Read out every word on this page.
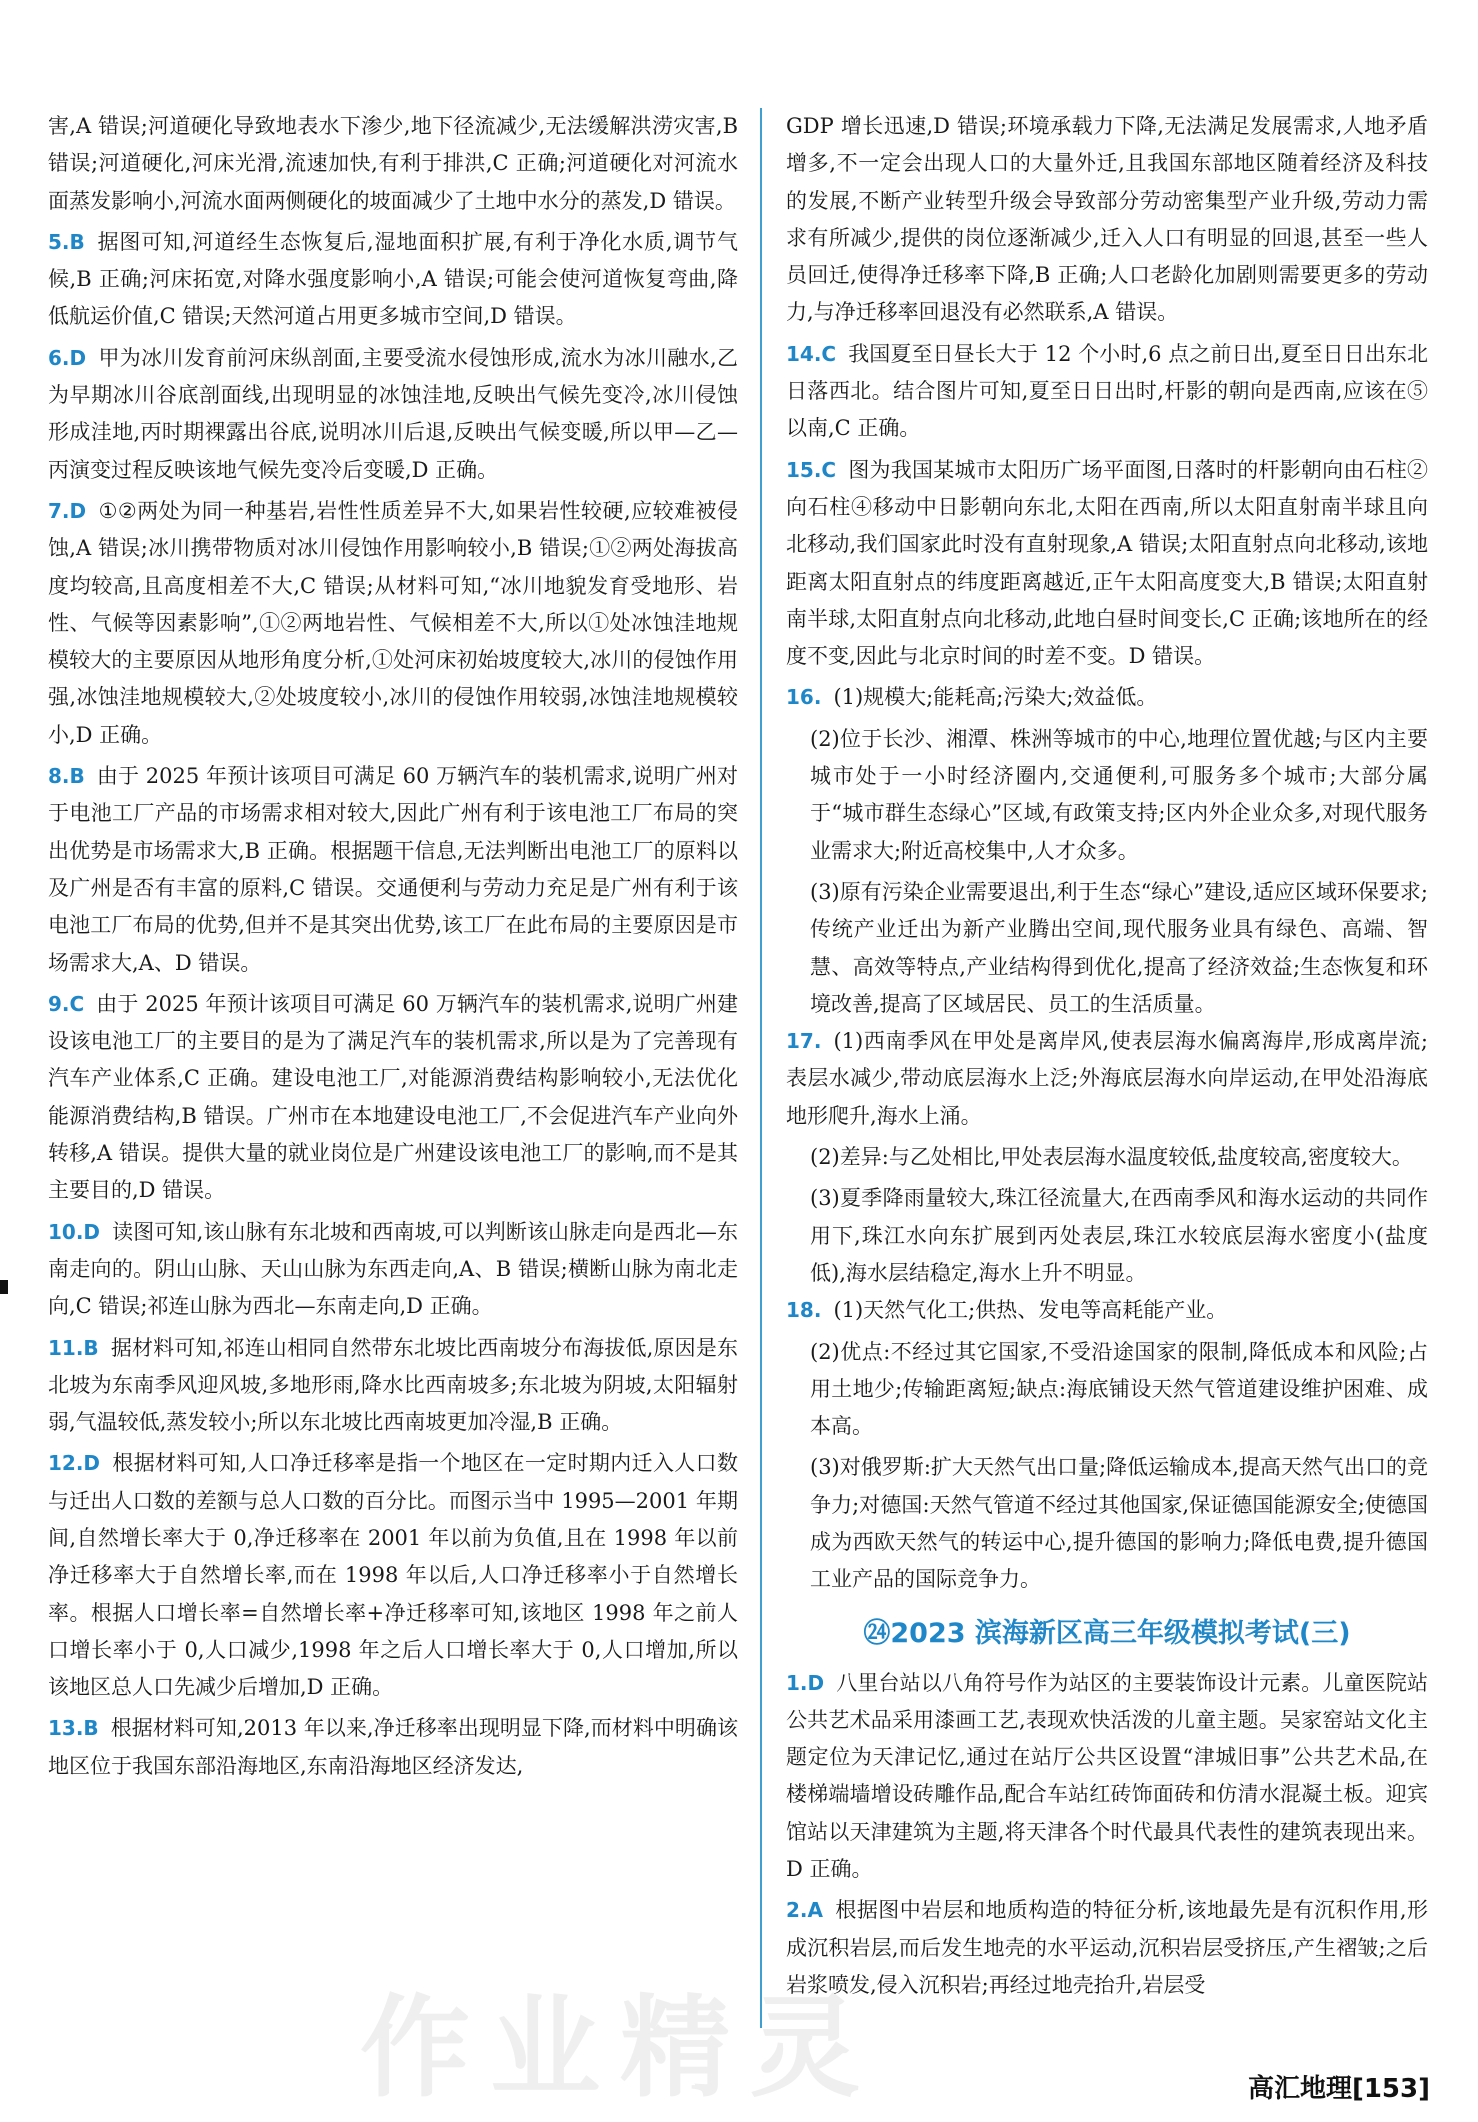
害,A 错误;河道硬化导致地表水下渗少,地下径流减少,无法缓解洪涝灾害,B 错误;河道硬化,河床光滑,流速加快,有利于排洪,C 正确;河道硬化对河流水面蒸发影响小,河流水面两侧硬化的坡面减少了土地中水分的蒸发,D 错误。
5.B 据图可知,河道经生态恢复后,湿地面积扩展,有利于净化水质,调节气候,B 正确;河床拓宽,对降水强度影响小,A 错误;可能会使河道恢复弯曲,降低航运价值,C 错误;天然河道占用更多城市空间,D 错误。
6.D 甲为冰川发育前河床纵剖面,主要受流水侵蚀形成,流水为冰川融水,乙为早期冰川谷底剖面线,出现明显的冰蚀洼地,反映出气候先变冷,冰川侵蚀形成洼地,丙时期裸露出谷底,说明冰川后退,反映出气候变暖,所以甲—乙—丙演变过程反映该地气候先变冷后变暖,D 正确。
7.D ①②两处为同一种基岩,岩性性质差异不大,如果岩性较硬,应较难被侵蚀,A 错误;冰川携带物质对冰川侵蚀作用影响较小,B 错误;①②两处海拔高度均较高,且高度相差不大,C 错误;从材料可知,“冰川地貌发育受地形、岩性、气候等因素影响”,①②两地岩性、气候相差不大,所以①处冰蚀洼地规模较大的主要原因从地形角度分析,①处河床初始坡度较大,冰川的侵蚀作用强,冰蚀洼地规模较大,②处坡度较小,冰川的侵蚀作用较弱,冰蚀洼地规模较小,D 正确。
8.B 由于 2025 年预计该项目可满足 60 万辆汽车的装机需求,说明广州对于电池工厂产品的市场需求相对较大,因此广州有利于该电池工厂布局的突出优势是市场需求大,B 正确。根据题干信息,无法判断出电池工厂的原料以及广州是否有丰富的原料,C 错误。交通便利与劳动力充足是广州有利于该电池工厂布局的优势,但并不是其突出优势,该工厂在此布局的主要原因是市场需求大,A、D 错误。
9.C 由于 2025 年预计该项目可满足 60 万辆汽车的装机需求,说明广州建设该电池工厂的主要目的是为了满足汽车的装机需求,所以是为了完善现有汽车产业体系,C 正确。建设电池工厂,对能源消费结构影响较小,无法优化能源消费结构,B 错误。广州市在本地建设电池工厂,不会促进汽车产业向外转移,A 错误。提供大量的就业岗位是广州建设该电池工厂的影响,而不是其主要目的,D 错误。
10.D 读图可知,该山脉有东北坡和西南坡,可以判断该山脉走向是西北—东南走向的。阴山山脉、天山山脉为东西走向,A、B 错误;横断山脉为南北走向,C 错误;祁连山脉为西北—东南走向,D 正确。
11.B 据材料可知,祁连山相同自然带东北坡比西南坡分布海拔低,原因是东北坡为东南季风迎风坡,多地形雨,降水比西南坡多;东北坡为阴坡,太阳辐射弱,气温较低,蒸发较小;所以东北坡比西南坡更加冷湿,B 正确。
12.D 根据材料可知,人口净迁移率是指一个地区在一定时期内迁入人口数与迁出人口数的差额与总人口数的百分比。而图示当中 1995—2001 年期间,自然增长率大于 0,净迁移率在 2001 年以前为负值,且在 1998 年以前净迁移率大于自然增长率,而在 1998 年以后,人口净迁移率小于自然增长率。根据人口增长率=自然增长率+净迁移率可知,该地区 1998 年之前人口增长率小于 0,人口减少,1998 年之后人口增长率大于 0,人口增加,所以该地区总人口先减少后增加,D 正确。
13.B 根据材料可知,2013 年以来,净迁移率出现明显下降,而材料中明确该地区位于我国东部沿海地区,东南沿海地区经济发达,
GDP 增长迅速,D 错误;环境承载力下降,无法满足发展需求,人地矛盾增多,不一定会出现人口的大量外迁,且我国东部地区随着经济及科技的发展,不断产业转型升级会导致部分劳动密集型产业升级,劳动力需求有所减少,提供的岗位逐渐减少,迁入人口有明显的回退,甚至一些人员回迁,使得净迁移率下降,B 正确;人口老龄化加剧则需要更多的劳动力,与净迁移率回退没有必然联系,A 错误。
14.C 我国夏至日昼长大于 12 个小时,6 点之前日出,夏至日日出东北日落西北。结合图片可知,夏至日日出时,杆影的朝向是西南,应该在⑤以南,C 正确。
15.C 图为我国某城市太阳历广场平面图,日落时的杆影朝向由石柱②向石柱④移动中日影朝向东北,太阳在西南,所以太阳直射南半球且向北移动,我们国家此时没有直射现象,A 错误;太阳直射点向北移动,该地距离太阳直射点的纬度距离越近,正午太阳高度变大,B 错误;太阳直射南半球,太阳直射点向北移动,此地白昼时间变长,C 正确;该地所在的经度不变,因此与北京时间的时差不变。D 错误。
16. (1)规模大;能耗高;污染大;效益低。
(2)位于长沙、湘潭、株洲等城市的中心,地理位置优越;与区内主要城市处于一小时经济圈内,交通便利,可服务多个城市;大部分属于“城市群生态绿心”区域,有政策支持;区内外企业众多,对现代服务业需求大;附近高校集中,人才众多。
(3)原有污染企业需要退出,利于生态“绿心”建设,适应区域环保要求;传统产业迁出为新产业腾出空间,现代服务业具有绿色、高端、智慧、高效等特点,产业结构得到优化,提高了经济效益;生态恢复和环境改善,提高了区域居民、员工的生活质量。
17. (1)西南季风在甲处是离岸风,使表层海水偏离海岸,形成离岸流;表层水减少,带动底层海水上泛;外海底层海水向岸运动,在甲处沿海底地形爬升,海水上涌。
(2)差异:与乙处相比,甲处表层海水温度较低,盐度较高,密度较大。
(3)夏季降雨量较大,珠江径流量大,在西南季风和海水运动的共同作用下,珠江水向东扩展到丙处表层,珠江水较底层海水密度小(盐度低),海水层结稳定,海水上升不明显。
18. (1)天然气化工;供热、发电等高耗能产业。
(2)优点:不经过其它国家,不受沿途国家的限制,降低成本和风险;占用土地少;传输距离短;缺点:海底铺设天然气管道建设维护困难、成本高。
(3)对俄罗斯:扩大天然气出口量;降低运输成本,提高天然气出口的竞争力;对德国:天然气管道不经过其他国家,保证德国能源安全;使德国成为西欧天然气的转运中心,提升德国的影响力;降低电费,提升德国工业产品的国际竞争力。
㉔2023 滨海新区高三年级模拟考试(三)
1.D 八里台站以八角符号作为站区的主要装饰设计元素。儿童医院站公共艺术品采用漆画工艺,表现欢快活泼的儿童主题。吴家窑站文化主题定位为天津记忆,通过在站厅公共区设置“津城旧事”公共艺术品,在楼梯端墙增设砖雕作品,配合车站红砖饰面砖和仿清水混凝土板。迎宾馆站以天津建筑为主题,将天津各个时代最具代表性的建筑表现出来。D 正确。
2.A 根据图中岩层和地质构造的特征分析,该地最先是有沉积作用,形成沉积岩层,而后发生地壳的水平运动,沉积岩层受挤压,产生褶皱;之后岩浆喷发,侵入沉积岩;再经过地壳抬升,岩层受
作业精灵	高汇地理[153]
